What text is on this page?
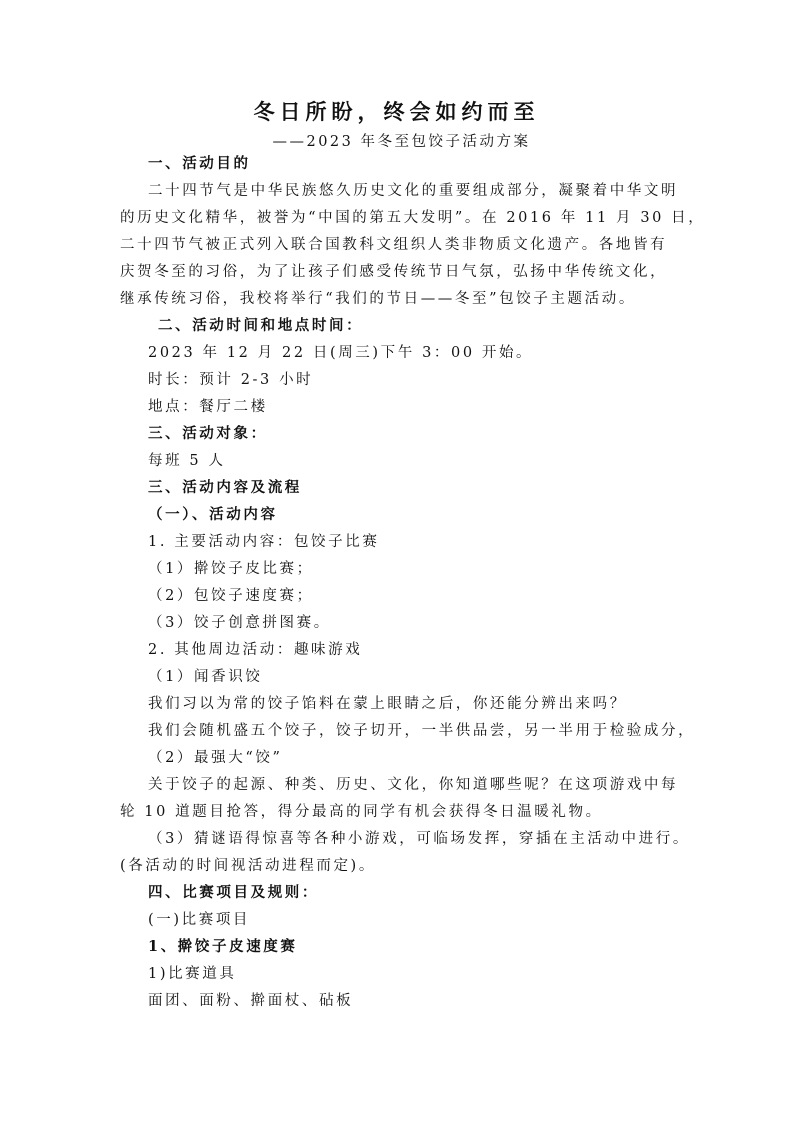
冬日所盼，终会如约而至
——2023 年冬至包饺子活动方案
一、活动目的
二十四节气是中华民族悠久历史文化的重要组成部分，凝聚着中华文明
的历史文化精华，被誉为“中国的第五大发明”。在 2016 年 11 月 30 日，
二十四节气被正式列入联合国教科文组织人类非物质文化遗产。各地皆有
庆贺冬至的习俗，为了让孩子们感受传统节日气氛，弘扬中华传统文化，
继承传统习俗，我校将举行“我们的节日——冬至”包饺子主题活动。
二、活动时间和地点时间：
2023 年 12 月 22 日(周三)下午 3：00 开始。
时长：预计 2-3 小时
地点：餐厅二楼
三、活动对象：
每班 5 人
三、活动内容及流程
（一）、活动内容
1. 主要活动内容：包饺子比赛
（1）擀饺子皮比赛；
（2）包饺子速度赛；
（3）饺子创意拼图赛。
2. 其他周边活动：趣味游戏
（1）闻香识饺
我们习以为常的饺子馅料在蒙上眼睛之后，你还能分辨出来吗？
我们会随机盛五个饺子，饺子切开，一半供品尝，另一半用于检验成分，
（2）最强大“饺”
关于饺子的起源、种类、历史、文化，你知道哪些呢？在这项游戏中每
轮 10 道题目抢答，得分最高的同学有机会获得冬日温暖礼物。
（3）猜谜语得惊喜等各种小游戏，可临场发挥，穿插在主活动中进行。
(各活动的时间视活动进程而定)。
四、比赛项目及规则：
(一)比赛项目
1、擀饺子皮速度赛
1)比赛道具
面团、面粉、擀面杖、砧板
